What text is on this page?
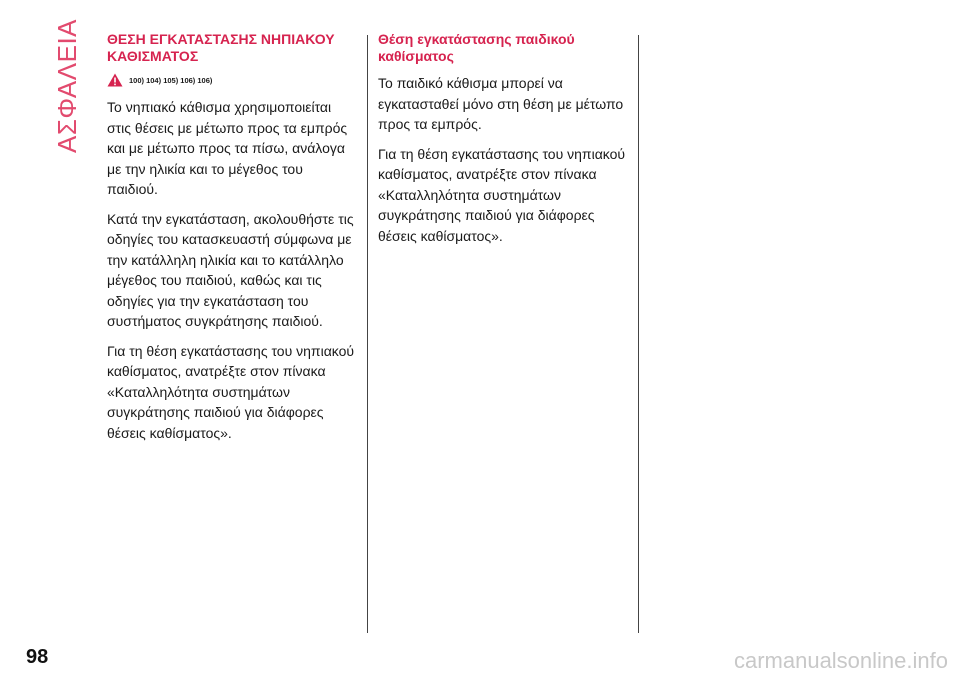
ΑΣΦΑΛΕΙΑ ΘΕΣΗ ΕΓΚΑΤΑΣΤΑΣΗΣ ΝΗΠΙΑΚΟΥ ΚΑΘΙΣΜΑΤΟΣ
100) 104) 105) 106) 106)

Το νηπιακό κάθισμα χρησιμοποιείται στις θέσεις με μέτωπο προς τα εμπρός και με μέτωπο προς τα πίσω, ανάλογα με την ηλικία και το μέγεθος του παιδιού.

Κατά την εγκατάσταση, ακολουθήστε τις οδηγίες του κατασκευαστή σύμφωνα με την κατάλληλη ηλικία και το κατάλληλο μέγεθος του παιδιού, καθώς και τις οδηγίες για την εγκατάσταση του συστήματος συγκράτησης παιδιού.

Για τη θέση εγκατάστασης του νηπιακού καθίσματος, ανατρέξτε στον πίνακα «Καταλληλότητα συστημάτων συγκράτησης παιδιού για διάφορες θέσεις καθίσματος».

Θέση εγκατάστασης παιδικού καθίσματος

Το παιδικό κάθισμα μπορεί να εγκατασταθεί μόνο στη θέση με μέτωπο προς τα εμπρός.

Για τη θέση εγκατάστασης του νηπιακού καθίσματος, ανατρέξτε στον πίνακα «Καταλληλότητα συστημάτων συγκράτησης παιδιού για διάφορες θέσεις καθίσματος».

98	carmanualsonline.info
